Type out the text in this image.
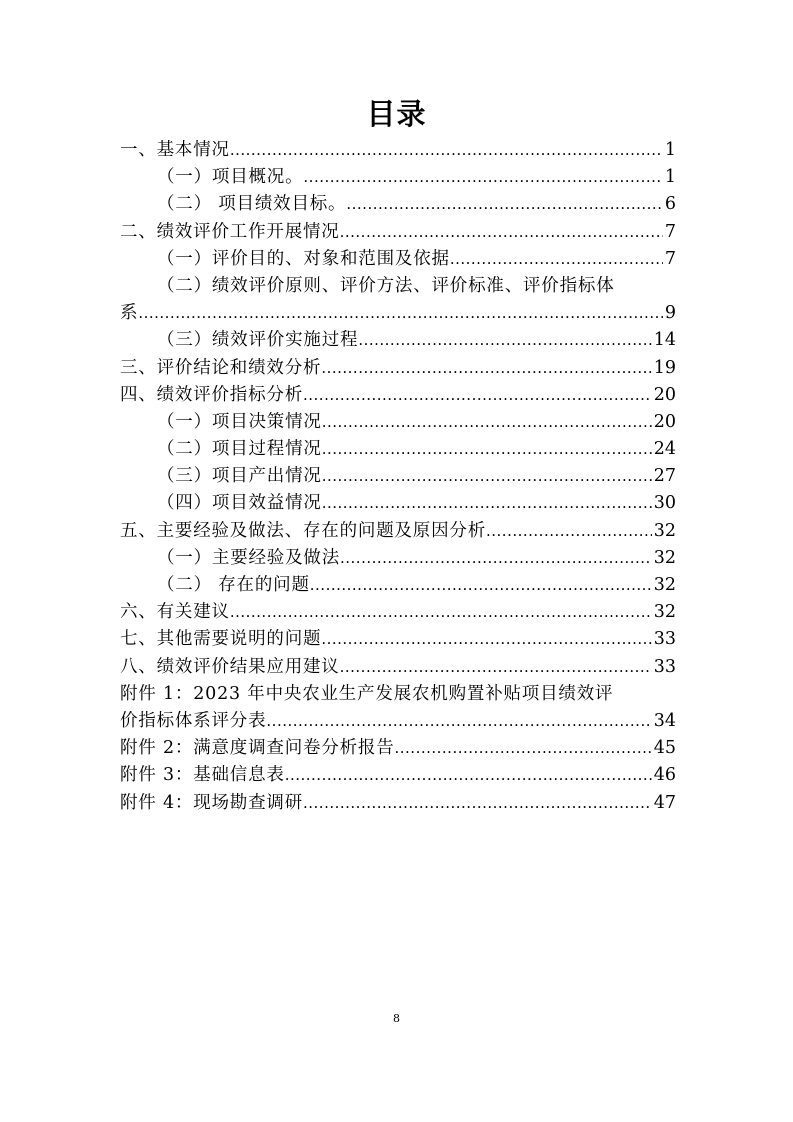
目录
一、基本情况 .....	1
（一）项目概况。 .....	1
（二） 项目绩效目标。 .....	6
二、绩效评价工作开展情况 .....	7
（一）评价目的、对象和范围及依据 .....	7
（二）绩效评价原则、评价方法、评价标准、评价指标体
系 .....	9
（三）绩效评价实施过程 .....	14
三、评价结论和绩效分析 .....	19
四、绩效评价指标分析 .....	20
（一）项目决策情况 .....	20
（二）项目过程情况 .....	24
（三）项目产出情况 .....	27
（四）项目效益情况 .....	30
五、主要经验及做法、存在的问题及原因分析 .....	32
（一）主要经验及做法 .....	32
（二） 存在的问题 .....	32
六、有关建议 .....	32
七、其他需要说明的问题 .....	33
八、绩效评价结果应用建议 .....	33
附件 1：2023 年中央农业生产发展农机购置补贴项目绩效评
价指标体系评分表 .....	34
附件 2：满意度调查问卷分析报告 .....	45
附件 3：基础信息表 .....	46
附件 4：现场勘查调研 .....	47
8
